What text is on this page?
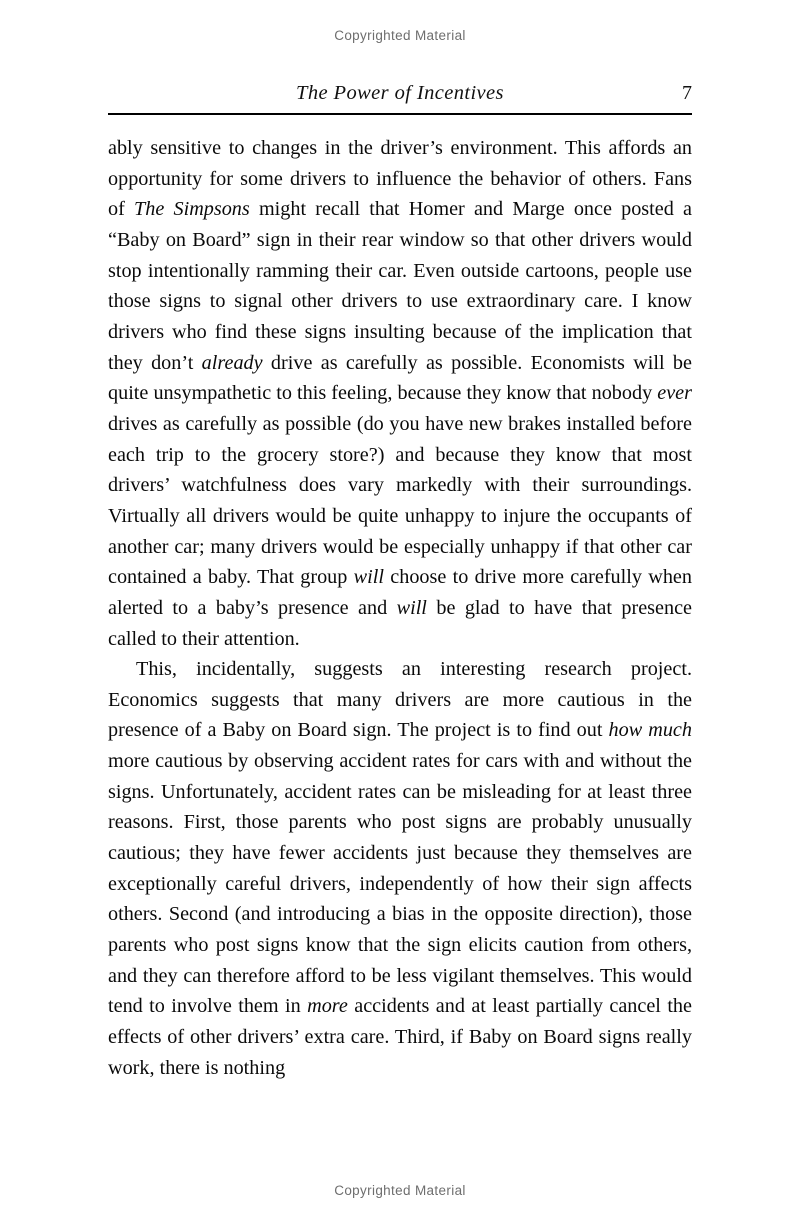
Copyrighted Material
The Power of Incentives	7

ably sensitive to changes in the driver’s environment. This affords an opportunity for some drivers to influence the behavior of others. Fans of The Simpsons might recall that Homer and Marge once posted a “Baby on Board” sign in their rear window so that other drivers would stop intentionally ramming their car. Even outside cartoons, people use those signs to signal other drivers to use extraordinary care. I know drivers who find these signs insulting because of the implication that they don’t already drive as carefully as possible. Economists will be quite unsympathetic to this feeling, because they know that nobody ever drives as carefully as possible (do you have new brakes installed before each trip to the grocery store?) and because they know that most drivers’ watchfulness does vary markedly with their surroundings. Virtually all drivers would be quite unhappy to injure the occupants of another car; many drivers would be especially unhappy if that other car contained a baby. That group will choose to drive more carefully when alerted to a baby’s presence and will be glad to have that presence called to their attention.

This, incidentally, suggests an interesting research project. Economics suggests that many drivers are more cautious in the presence of a Baby on Board sign. The project is to find out how much more cautious by observing accident rates for cars with and without the signs. Unfortunately, accident rates can be misleading for at least three reasons. First, those parents who post signs are probably unusually cautious; they have fewer accidents just because they themselves are exceptionally careful drivers, independently of how their sign affects others. Second (and introducing a bias in the opposite direction), those parents who post signs know that the sign elicits caution from others, and they can therefore afford to be less vigilant themselves. This would tend to involve them in more accidents and at least partially cancel the effects of other drivers’ extra care. Third, if Baby on Board signs really work, there is nothing

Copyrighted Material
